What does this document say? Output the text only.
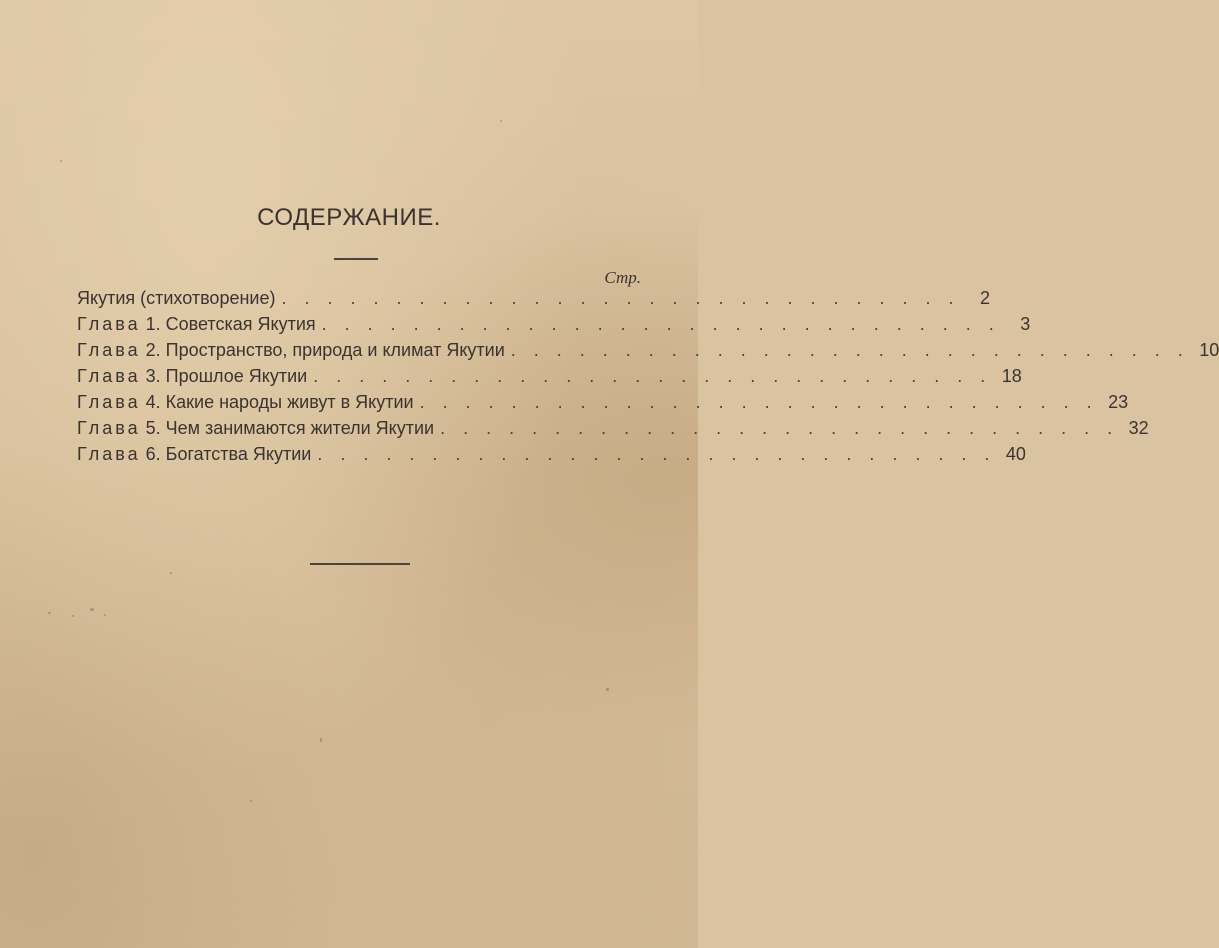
СОДЕРЖАНИЕ.
Стр.
Якутия (стихотворение) . . . . . . . . . . . . . . . . . . . . . . . . . . . . . .	2
Глава 1. Советская Якутия . . . . . . . . . . . . . . . . . . . . . . . . . . . . . .	3
Глава 2. Пространство, природа и климат Якутии . . . . . . . . . . . . . . . . . . . . . . . . . . . . . . 10
Глава 3. Прошлое Якутии . . . . . . . . . . . . . . . . . . . . . . . . . . . . . . 18
Глава 4. Какие народы живут в Якутии . . . . . . . . . . . . . . . . . . . . . . . . . . . . . . 23
Глава 5. Чем занимаются жители Якутии . . . . . . . . . . . . . . . . . . . . . . . . . . . . . . 32
Глава 6. Богатства Якутии . . . . . . . . . . . . . . . . . . . . . . . . . . . . . . 40
